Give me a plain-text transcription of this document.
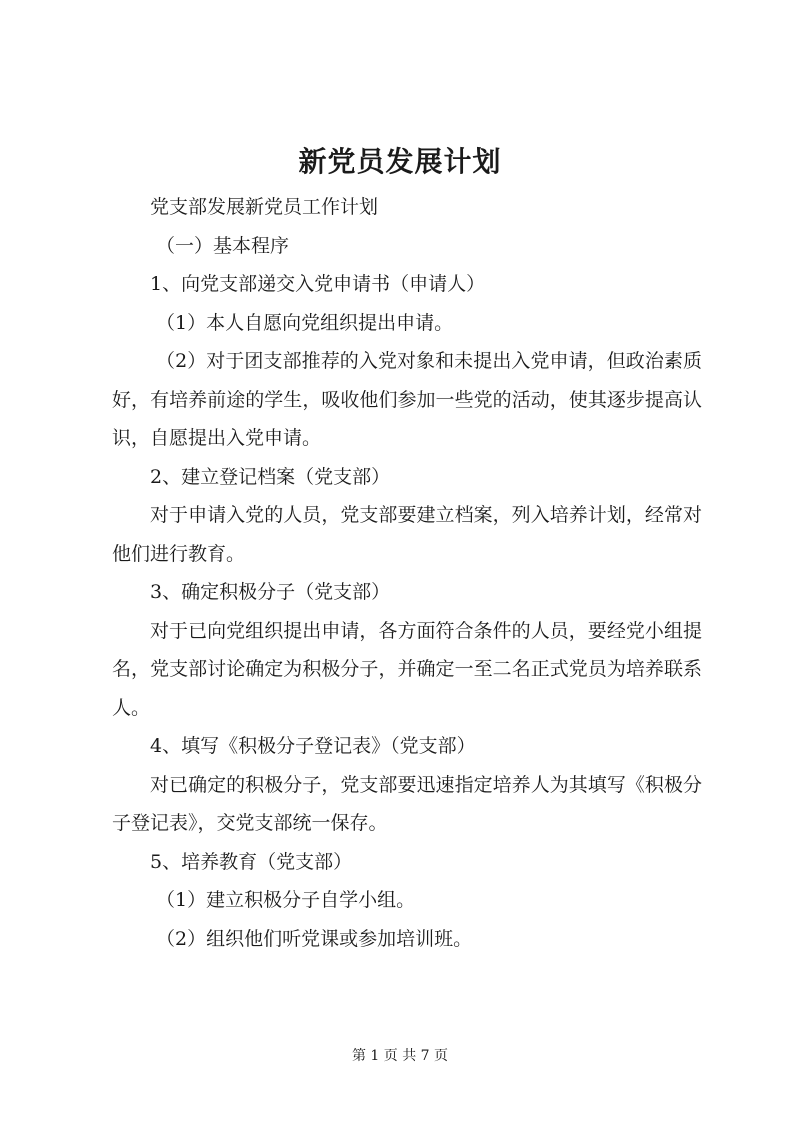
新党员发展计划

党支部发展新党员工作计划

（一）基本程序

1、向党支部递交入党申请书（申请人）

（1）本人自愿向党组织提出申请。

（2）对于团支部推荐的入党对象和未提出入党申请，但政治素质好，有培养前途的学生，吸收他们参加一些党的活动，使其逐步提高认识，自愿提出入党申请。

2、建立登记档案（党支部）

对于申请入党的人员，党支部要建立档案，列入培养计划，经常对他们进行教育。

3、确定积极分子（党支部）

对于已向党组织提出申请，各方面符合条件的人员，要经党小组提名，党支部讨论确定为积极分子，并确定一至二名正式党员为培养联系人。

4、填写《积极分子登记表》（党支部）

对已确定的积极分子，党支部要迅速指定培养人为其填写《积极分子登记表》，交党支部统一保存。

5、培养教育（党支部）

（1）建立积极分子自学小组。

（2）组织他们听党课或参加培训班。

第 1 页 共 7 页
